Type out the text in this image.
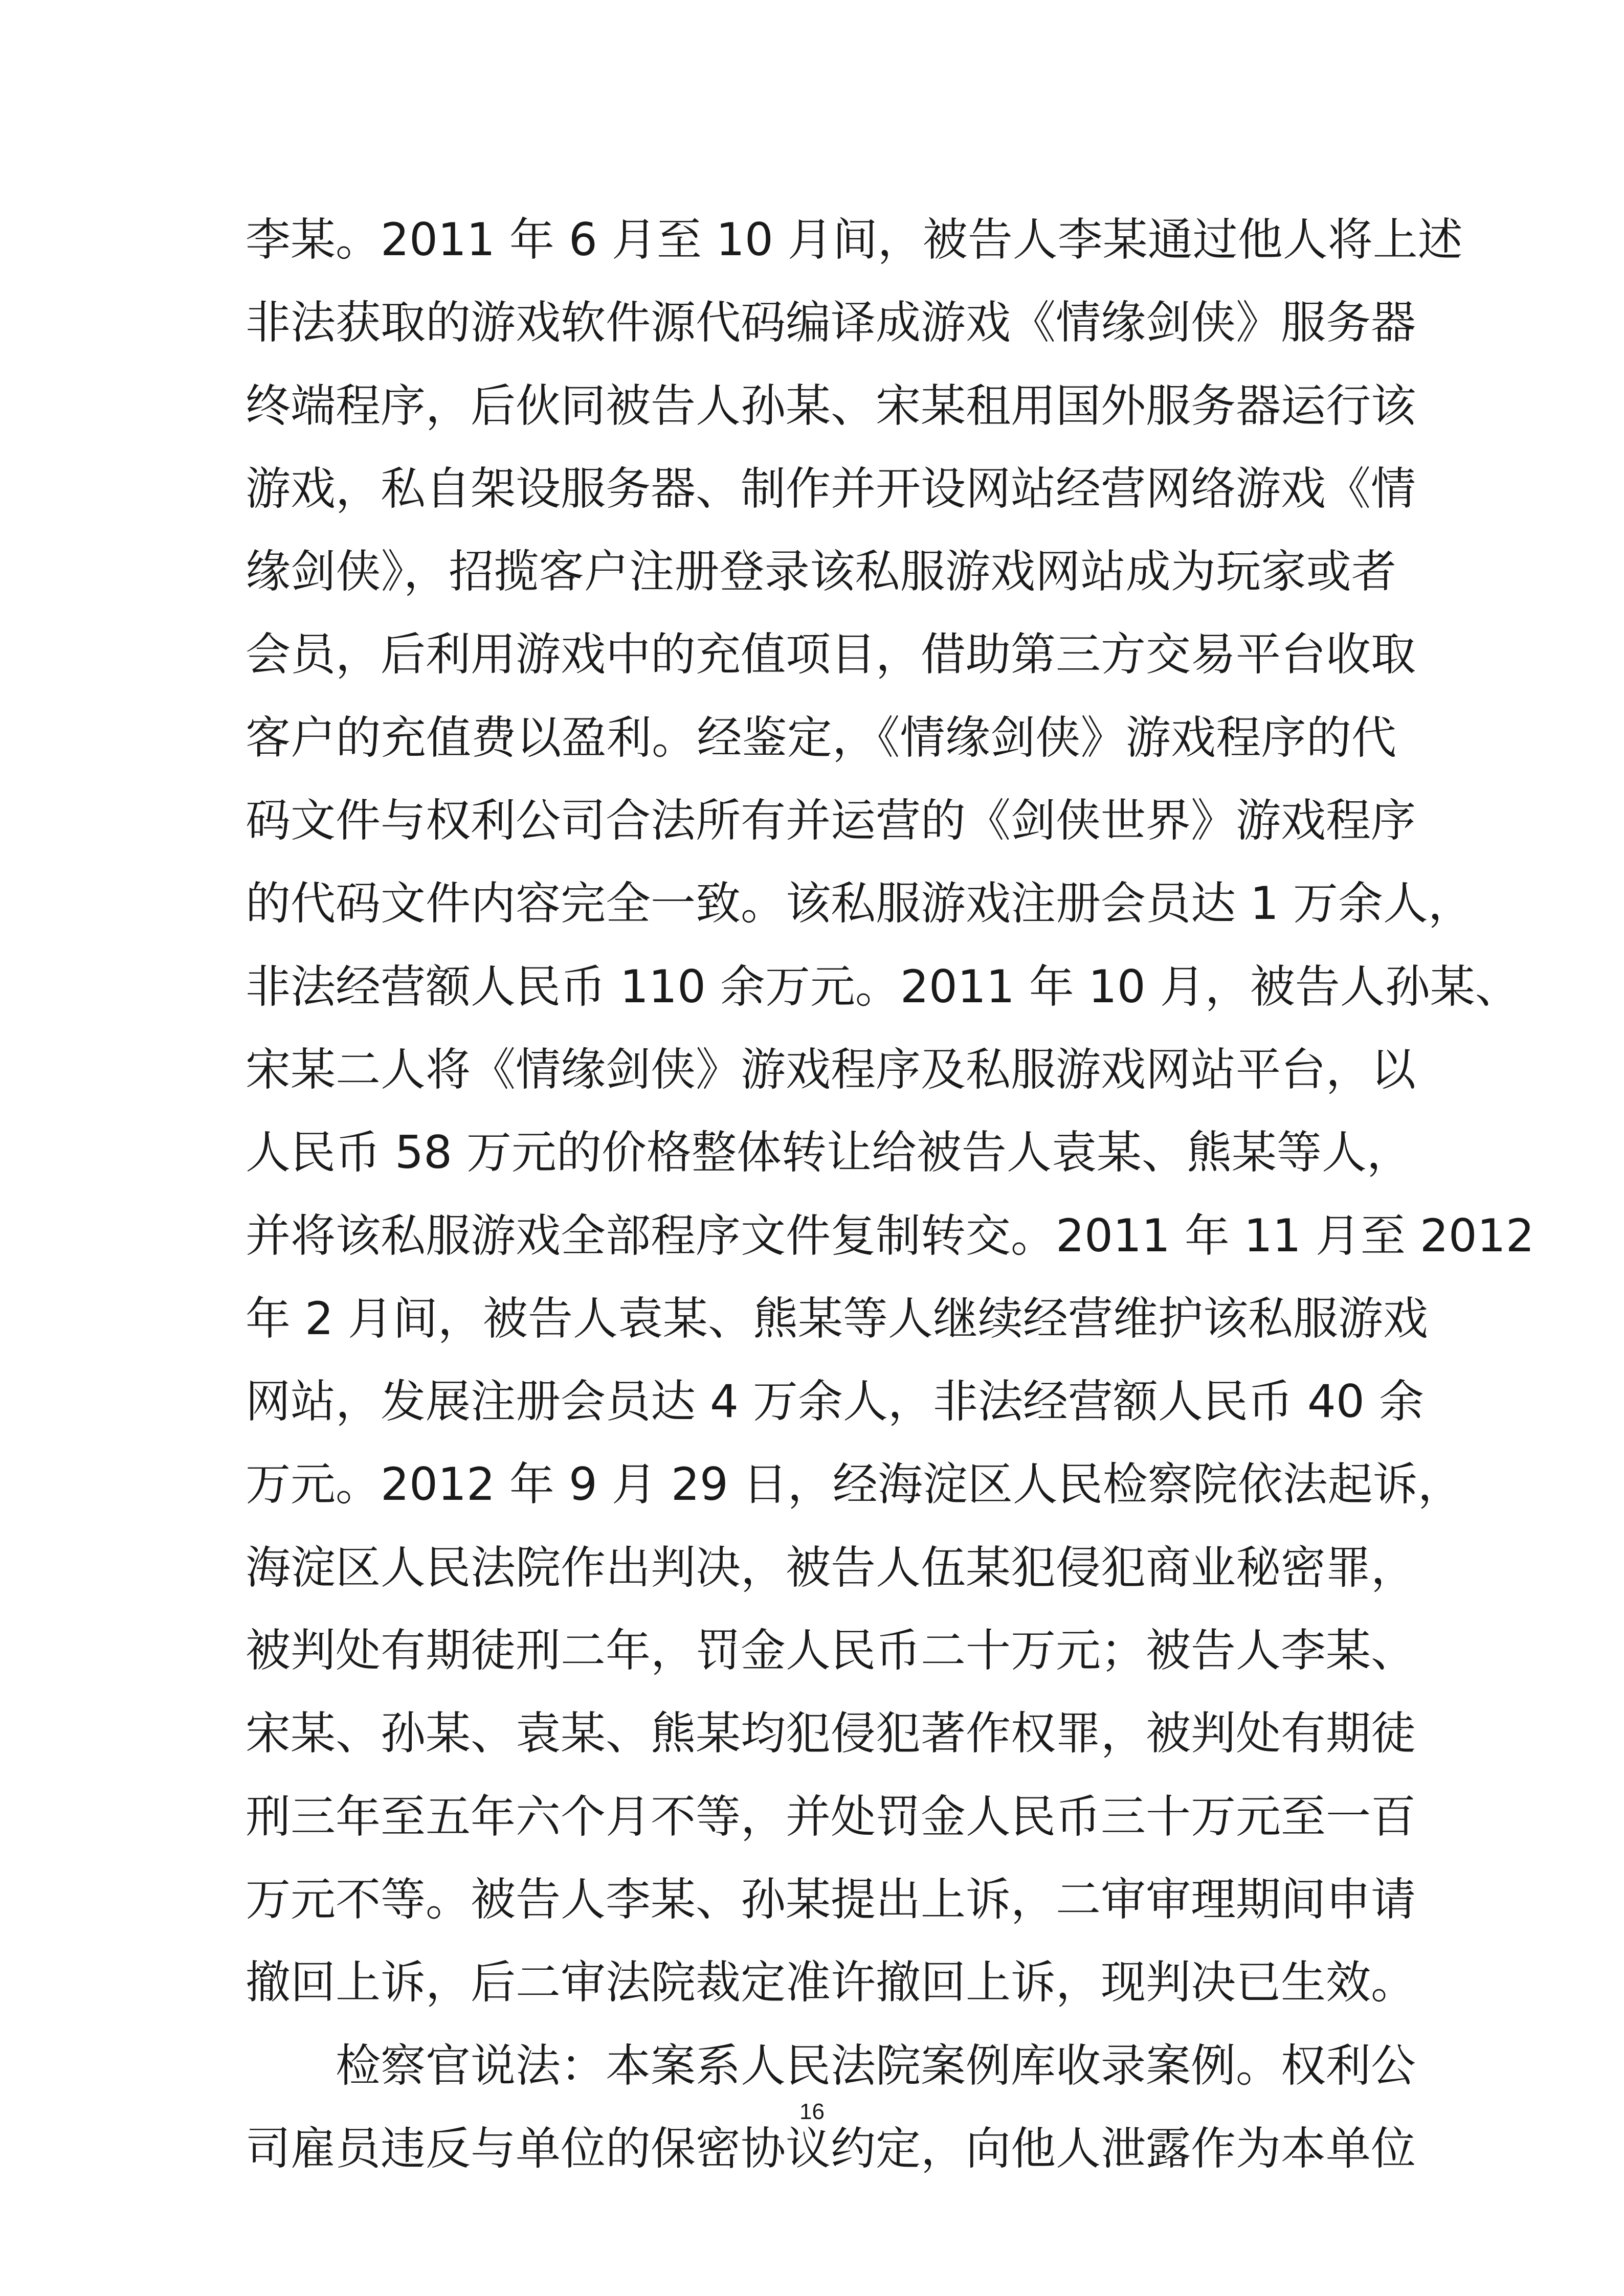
李某。2011 年 6 月至 10 月间，被告人李某通过他人将上述
非法获取的游戏软件源代码编译成游戏《情缘剑侠》服务器
终端程序，后伙同被告人孙某、宋某租用国外服务器运行该
游戏，私自架设服务器、制作并开设网站经营网络游戏《情
缘剑侠》，招揽客户注册登录该私服游戏网站成为玩家或者
会员，后利用游戏中的充值项目，借助第三方交易平台收取
客户的充值费以盈利。经鉴定，《情缘剑侠》游戏程序的代
码文件与权利公司合法所有并运营的《剑侠世界》游戏程序
的代码文件内容完全一致。该私服游戏注册会员达 1 万余人，
非法经营额人民币 110 余万元。2011 年 10 月，被告人孙某、
宋某二人将《情缘剑侠》游戏程序及私服游戏网站平台，以
人民币 58 万元的价格整体转让给被告人袁某、熊某等人，
并将该私服游戏全部程序文件复制转交。2011 年 11 月至 2012
年 2 月间，被告人袁某、熊某等人继续经营维护该私服游戏
网站，发展注册会员达 4 万余人，非法经营额人民币 40 余
万元。2012 年 9 月 29 日，经海淀区人民检察院依法起诉，
海淀区人民法院作出判决，被告人伍某犯侵犯商业秘密罪，
被判处有期徒刑二年，罚金人民币二十万元；被告人李某、
宋某、孙某、袁某、熊某均犯侵犯著作权罪，被判处有期徒
刑三年至五年六个月不等，并处罚金人民币三十万元至一百
万元不等。被告人李某、孙某提出上诉，二审审理期间申请
撤回上诉，后二审法院裁定准许撤回上诉，现判决已生效。
检察官说法：本案系人民法院案例库收录案例。权利公
司雇员违反与单位的保密协议约定，向他人泄露作为本单位
16
